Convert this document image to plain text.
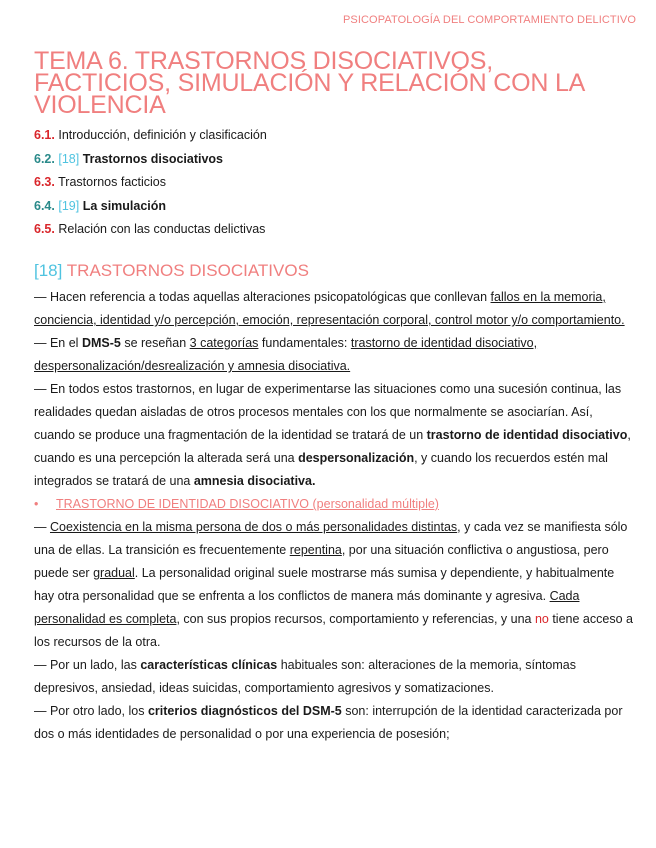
PSICOPATOLOGÍA DEL COMPORTAMIENTO DELICTIVO
TEMA 6. TRASTORNOS DISOCIATIVOS, FACTICIOS, SIMULACIÓN Y RELACIÓN CON LA VIOLENCIA
6.1. Introducción, definición y clasificación
6.2. [18] Trastornos disociativos
6.3. Trastornos facticios
6.4. [19] La simulación
6.5. Relación con las conductas delictivas
[18] TRASTORNOS DISOCIATIVOS

— Hacen referencia a todas aquellas alteraciones psicopatológicas que conllevan fallos en la memoria, conciencia, identidad y/o percepción, emoción, representación corporal, control motor y/o comportamiento.

— En el DMS-5 se reseñan 3 categorías fundamentales: trastorno de identidad disociativo, despersonalización/desrealización y amnesia disociativa.

— En todos estos trastornos, en lugar de experimentarse las situaciones como una sucesión continua, las realidades quedan aisladas de otros procesos mentales con los que normalmente se asociarían. Así, cuando se produce una fragmentación de la identidad se tratará de un trastorno de identidad disociativo, cuando es una percepción la alterada será una despersonalización, y cuando los recuerdos estén mal integrados se tratará de una amnesia disociativa.

• TRASTORNO DE IDENTIDAD DISOCIATIVO (personalidad múltiple)

— Coexistencia en la misma persona de dos o más personalidades distintas, y cada vez se manifiesta sólo una de ellas. La transición es frecuentemente repentina, por una situación conflictiva o angustiosa, pero puede ser gradual. La personalidad original suele mostrarse más sumisa y dependiente, y habitualmente hay otra personalidad que se enfrenta a los conflictos de manera más dominante y agresiva. Cada personalidad es completa, con sus propios recursos, comportamiento y referencias, y una no tiene acceso a los recursos de la otra.

— Por un lado, las características clínicas habituales son: alteraciones de la memoria, síntomas depresivos, ansiedad, ideas suicidas, comportamiento agresivos y somatizaciones.

— Por otro lado, los criterios diagnósticos del DSM-5 son: interrupción de la identidad caracterizada por dos o más identidades de personalidad o por una experiencia de posesión;
